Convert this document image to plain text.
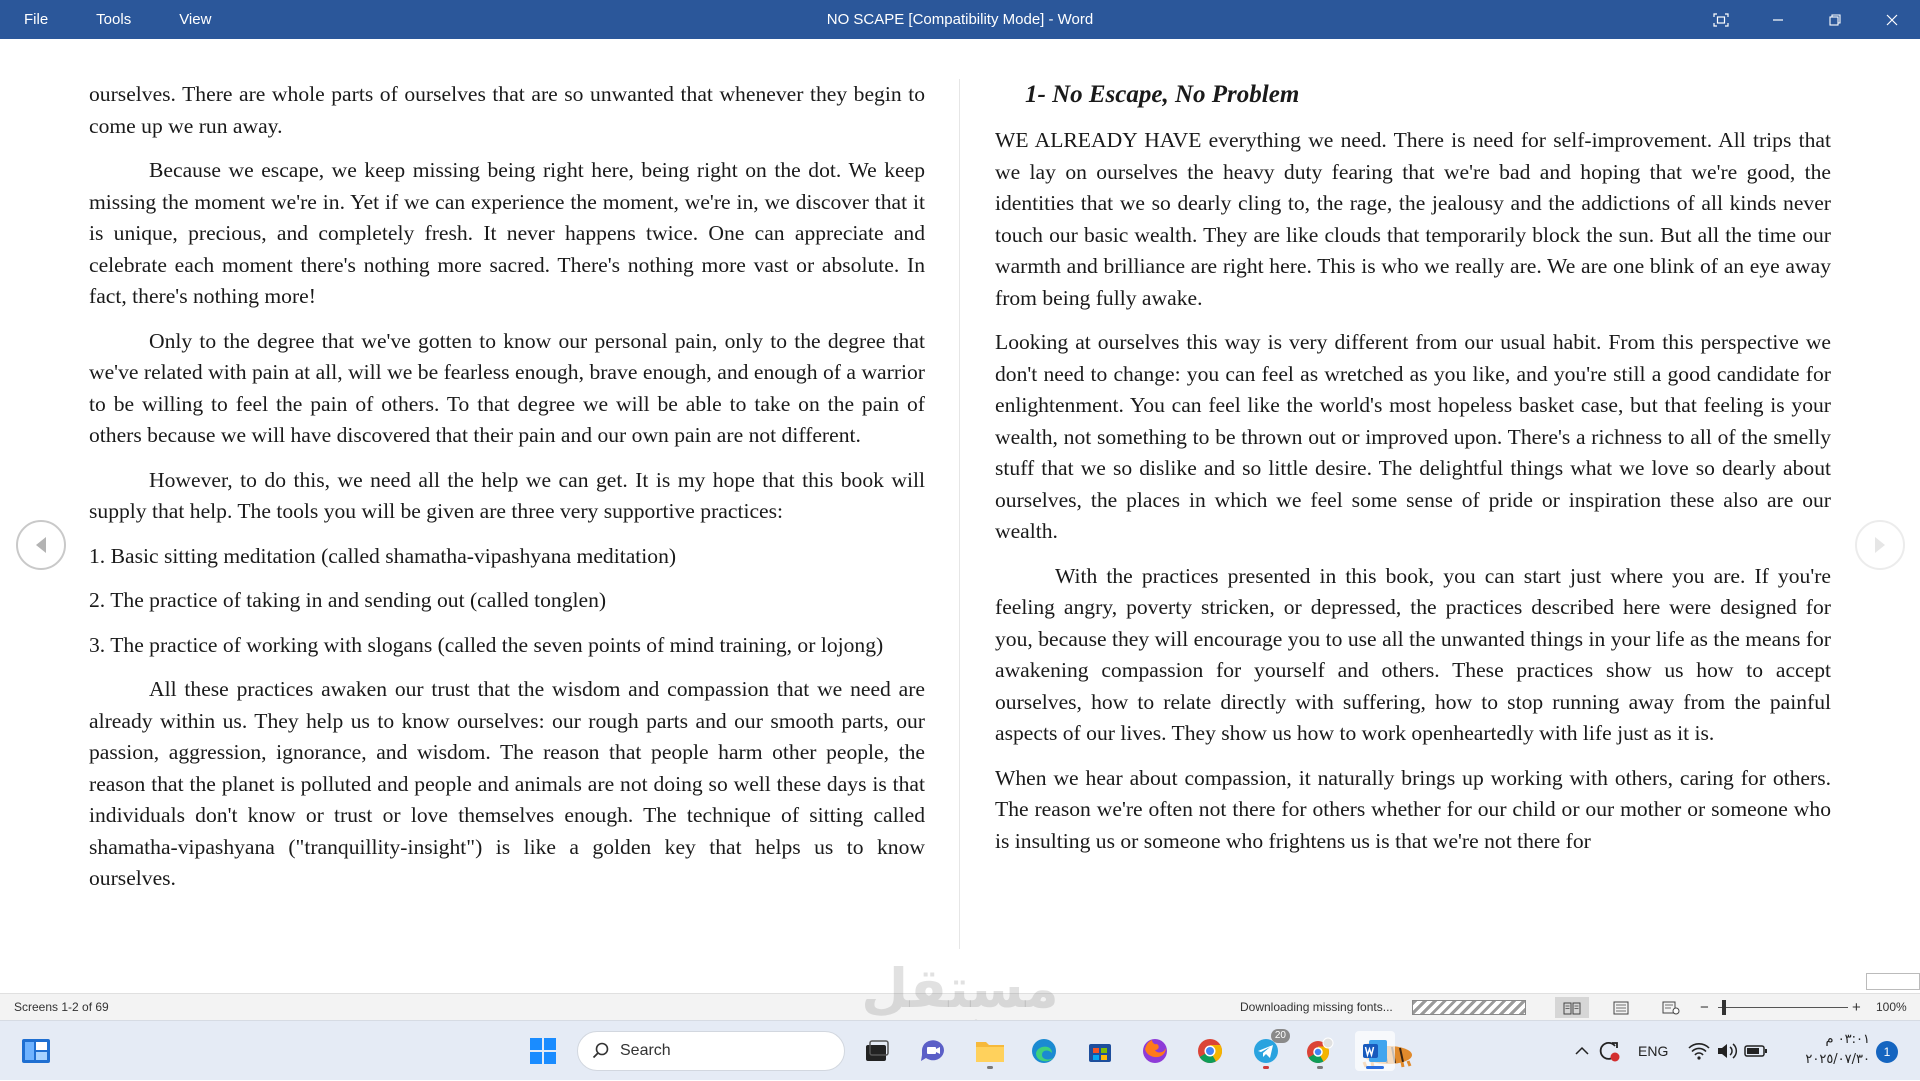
File	Tools	View	NO SCAPE [Compatibility Mode] - Word

ourselves. There are whole parts of ourselves that are so unwanted that whenever they begin to come up we run away.

Because we escape, we keep missing being right here, being right on the dot. We keep missing the moment we're in. Yet if we can experience the moment, we're in, we discover that it is unique, precious, and completely fresh. It never happens twice. One can appreciate and celebrate each moment there's nothing more sacred. There's nothing more vast or absolute. In fact, there's nothing more!

Only to the degree that we've gotten to know our personal pain, only to the degree that we've related with pain at all, will we be fearless enough, brave enough, and enough of a warrior to be willing to feel the pain of others. To that degree we will be able to take on the pain of others because we will have discovered that their pain and our own pain are not different.

However, to do this, we need all the help we can get. It is my hope that this book will supply that help. The tools you will be given are three very supportive practices:

1. Basic sitting meditation (called shamatha-vipashyana meditation)

2. The practice of taking in and sending out (called tonglen)

3. The practice of working with slogans (called the seven points of mind training, or lojong)

All these practices awaken our trust that the wisdom and compassion that we need are already within us. They help us to know ourselves: our rough parts and our smooth parts, our passion, aggression, ignorance, and wisdom. The reason that people harm other people, the reason that the planet is polluted and people and animals are not doing so well these days is that individuals don't know or trust or love themselves enough. The technique of sitting called shamatha-vipashyana ("tranquillity-insight") is like a golden key that helps us to know ourselves.

1- No Escape, No Problem

WE ALREADY HAVE everything we need. There is need for self-improvement. All trips that we lay on ourselves the heavy duty fearing that we're bad and hoping that we're good, the identities that we so dearly cling to, the rage, the jealousy and the addictions of all kinds never touch our basic wealth. They are like clouds that temporarily block the sun. But all the time our warmth and brilliance are right here. This is who we really are. We are one blink of an eye away from being fully awake.

Looking at ourselves this way is very different from our usual habit. From this perspective we don't need to change: you can feel as wretched as you like, and you're still a good candidate for enlightenment. You can feel like the world's most hopeless basket case, but that feeling is your wealth, not something to be thrown out or improved upon. There's a richness to all of the smelly stuff that we so dislike and so little desire. The delightful things what we love so dearly about ourselves, the places in which we feel some sense of pride or inspiration these also are our wealth.

With the practices presented in this book, you can start just where you are. If you're feeling angry, poverty stricken, or depressed, the practices described here were designed for you, because they will encourage you to use all the unwanted things in your life as the means for awakening compassion for yourself and others. These practices show us how to accept ourselves, how to relate directly with suffering, how to stop running away from the painful aspects of our lives. They show us how to work openheartedly with life just as it is.

When we hear about compassion, it naturally brings up working with others, caring for others. The reason we're often not there for others whether for our child or our mother or someone who is insulting us or someone who frightens us is that we're not there for

Screens 1-2 of 69	Downloading missing fonts...	−	+ 100%
مستقل
Search
20
ENG
٠٣:٠١ م
٢٠٢٥/٠٧/٣٠	1
